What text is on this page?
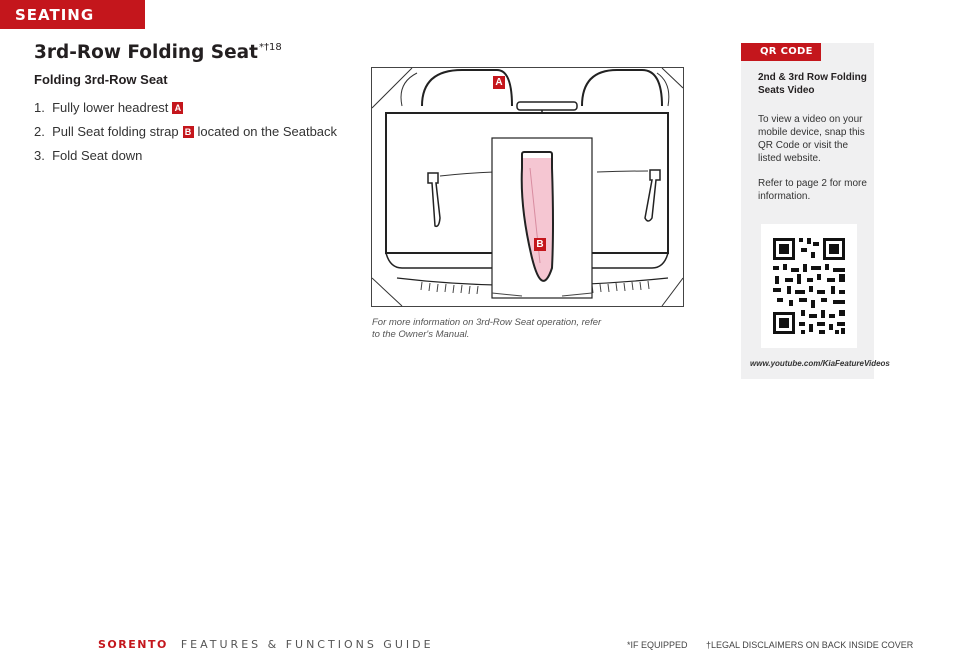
SEATING
3rd-Row Folding Seat$^{*\dagger 18}$
Folding 3rd-Row Seat
1.
Fully lower headrest A
2.
Pull Seat folding strap B located on the Seatback
3.
Fold Seat down
A
B

For more information on 3rd-Row Seat operation, refer to the Owner's Manual.

QR CODE

2nd & 3rd Row Folding Seats Video

To view a video on your mobile device, snap this QR Code or visit the listed website.

Refer to page 2 for more information.

www.youtube.com/KiaFeatureVideos

SORENTO FEATURES & FUNCTIONS GUIDE	*IF EQUIPPED †LEGAL DISCLAIMERS ON BACK INSIDE COVER
